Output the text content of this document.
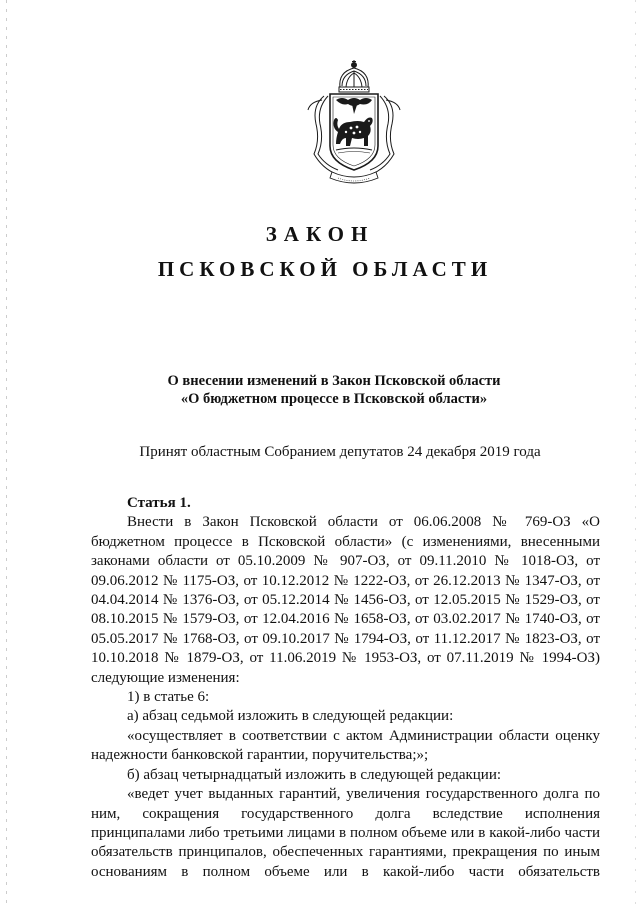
ЗАКОН
ПСКОВСКОЙ ОБЛАСТИ
О внесении изменений в Закон Псковской области
«О бюджетном процессе в Псковской области»
Принят областным Собранием депутатов 24 декабря 2019 года
Статья 1.

Внести в Закон Псковской области от 06.06.2008 № 769-ОЗ «О бюджетном процессе в Псковской области» (с изменениями, внесенными законами области от 05.10.2009 № 907-ОЗ, от 09.11.2010 № 1018-ОЗ, от 09.06.2012 № 1175-ОЗ, от 10.12.2012 № 1222-ОЗ, от 26.12.2013 № 1347-ОЗ, от 04.04.2014 № 1376-ОЗ, от 05.12.2014 № 1456-ОЗ, от 12.05.2015 № 1529-ОЗ, от 08.10.2015 № 1579-ОЗ, от 12.04.2016 № 1658-ОЗ, от 03.02.2017 № 1740-ОЗ, от 05.05.2017 № 1768-ОЗ, от 09.10.2017 № 1794-ОЗ, от 11.12.2017 № 1823-ОЗ, от 10.10.2018 № 1879-ОЗ, от 11.06.2019 № 1953-ОЗ, от 07.11.2019 № 1994-ОЗ) следующие изменения:

1) в статье 6:

а) абзац седьмой изложить в следующей редакции:

«осуществляет в соответствии с актом Администрации области оценку надежности банковской гарантии, поручительства;»;

б) абзац четырнадцатый изложить в следующей редакции:

«ведет учет выданных гарантий, увеличения государственного долга по ним, сокращения государственного долга вследствие исполнения принципалами либо третьими лицами в полном объеме или в какой-либо части обязательств принципалов, обеспеченных гарантиями, прекращения по иным основаниям в полном объеме или в какой-либо части обязательств
